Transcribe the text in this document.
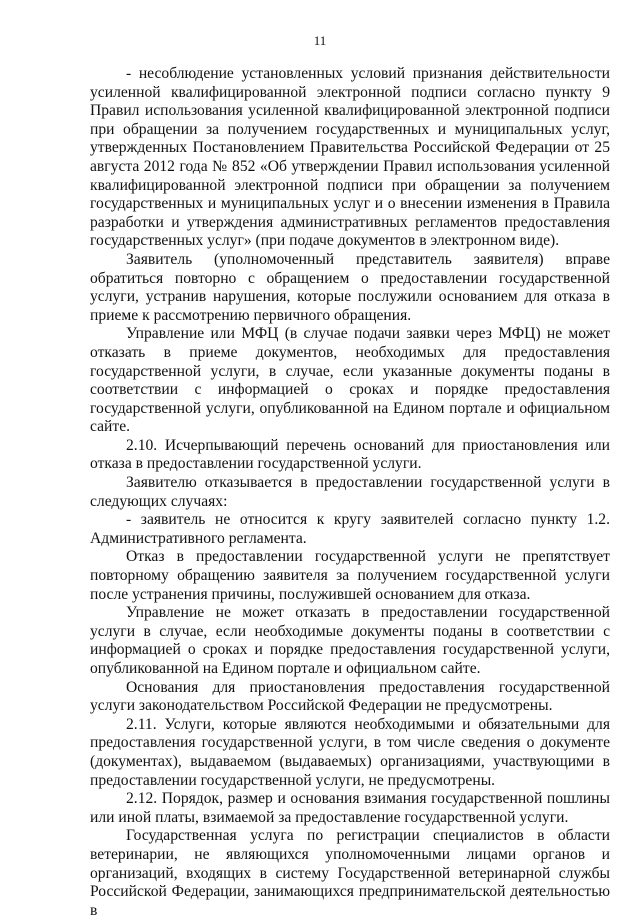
11

- несоблюдение установленных условий признания действительности усиленной квалифицированной электронной подписи согласно пункту 9 Правил использования усиленной квалифицированной электронной подписи при обращении за получением государственных и муниципальных услуг, утвержденных Постановлением Правительства Российской Федерации от 25 августа 2012 года № 852 «Об утверждении Правил использования усиленной квалифицированной электронной подписи при обращении за получением государственных и муниципальных услуг и о внесении изменения в Правила разработки и утверждения административных регламентов предоставления государственных услуг» (при подаче документов в электронном виде).

Заявитель (уполномоченный представитель заявителя) вправе обратиться повторно с обращением о предоставлении государственной услуги, устранив нарушения, которые послужили основанием для отказа в приеме к рассмотрению первичного обращения.

Управление или МФЦ (в случае подачи заявки через МФЦ) не может отказать в приеме документов, необходимых для предоставления государственной услуги, в случае, если указанные документы поданы в соответствии с информацией о сроках и порядке предоставления государственной услуги, опубликованной на Едином портале и официальном сайте.

2.10. Исчерпывающий перечень оснований для приостановления или отказа в предоставлении государственной услуги.

Заявителю отказывается в предоставлении государственной услуги в следующих случаях:

- заявитель не относится к кругу заявителей согласно пункту 1.2. Административного регламента.

Отказ в предоставлении государственной услуги не препятствует повторному обращению заявителя за получением государственной услуги после устранения причины, послужившей основанием для отказа.

Управление не может отказать в предоставлении государственной услуги в случае, если необходимые документы поданы в соответствии с информацией о сроках и порядке предоставления государственной услуги, опубликованной на Едином портале и официальном сайте.

Основания для приостановления предоставления государственной услуги законодательством Российской Федерации не предусмотрены.

2.11. Услуги, которые являются необходимыми и обязательными для предоставления государственной услуги, в том числе сведения о документе (документах), выдаваемом (выдаваемых) организациями, участвующими в предоставлении государственной услуги, не предусмотрены.

2.12. Порядок, размер и основания взимания государственной пошлины или иной платы, взимаемой за предоставление государственной услуги.

Государственная услуга по регистрации специалистов в области ветеринарии, не являющихся уполномоченными лицами органов и организаций, входящих в систему Государственной ветеринарной службы Российской Федерации, занимающихся предпринимательской деятельностью в
